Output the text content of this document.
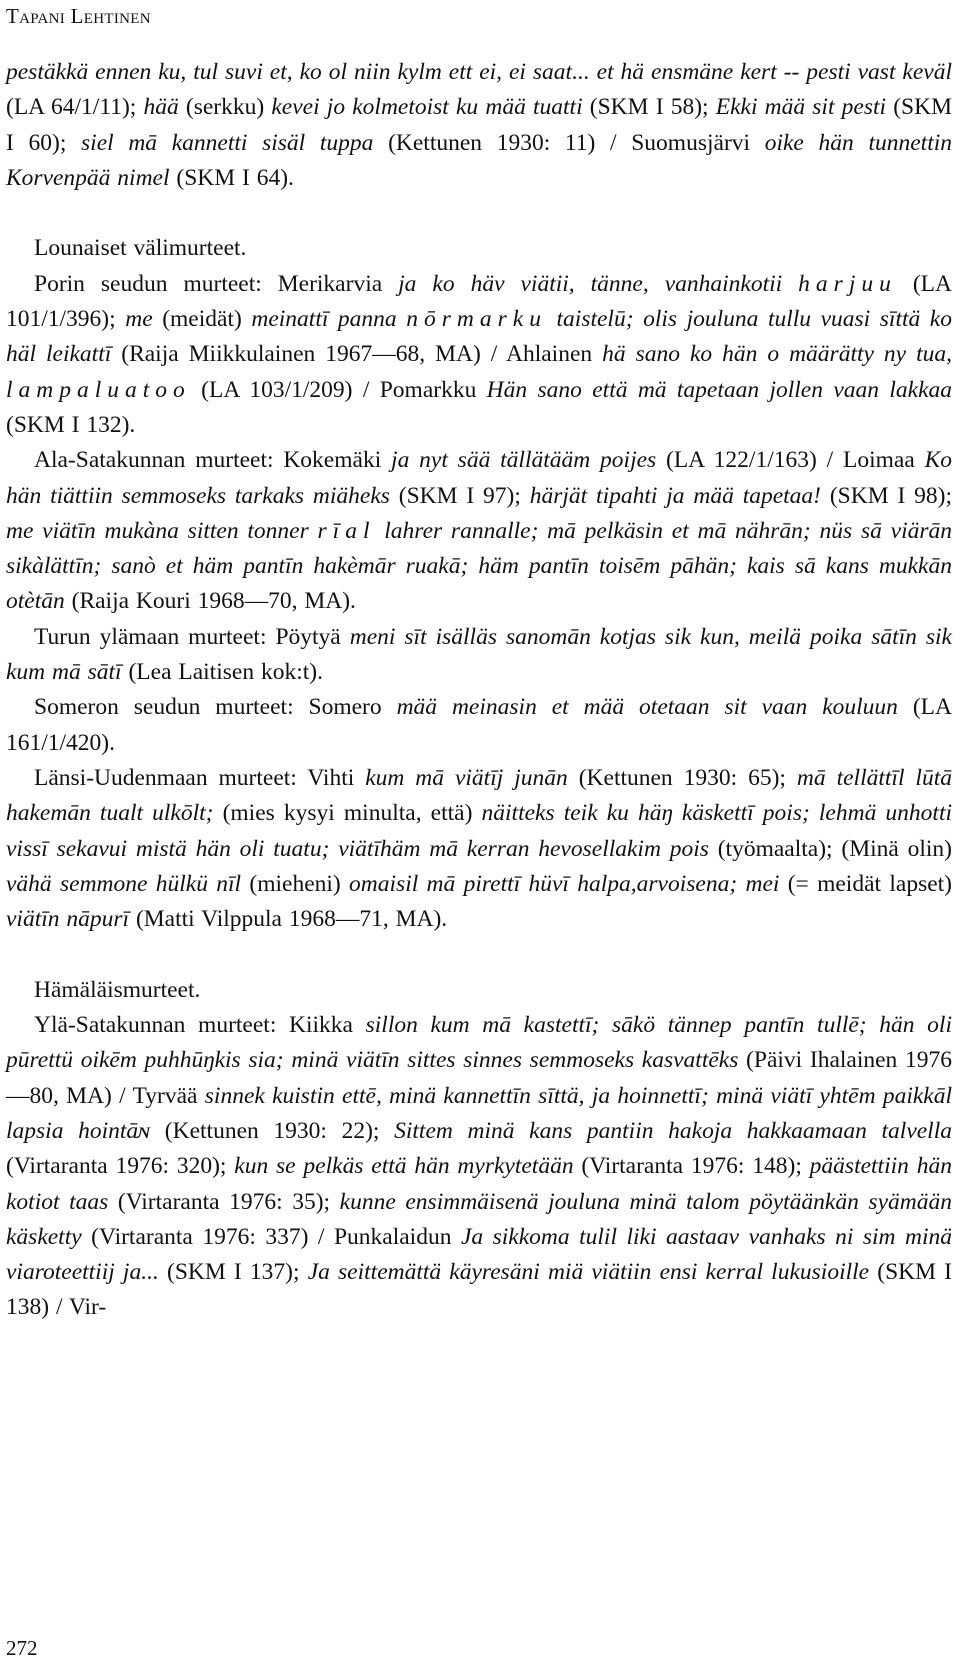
Tapani Lehtinen

pestäkkä ennen ku, tul suvi et, ko ol niin kylm ett ei, ei saat... et hä ensmäne kert -- pesti vast keväl (LA 64/1/11); hää (serkku) kevei jo kolmetoist ku mää tuatti (SKM I 58); Ekki mää sit pesti (SKM I 60); siel mā kannetti sisäl tuppa (Kettunen 1930: 11) / Suomusjärvi oike hän tunnettin Korvenpää nimel (SKM I 64).

Lounaiset välimurteet.

Porin seudun murteet: Merikarvia ja ko häv viätii, tänne, vanhainkotii harjuu (LA 101/1/396); me (meidät) meinattī panna nōrmarku taistelū; olis jouluna tullu vuasi sīttä ko häl leikattī (Raija Miikkulainen 1967—68, MA) / Ahlainen hä sano ko hän o määrätty ny tua, lampaluatoo (LA 103/1/209) / Pomarkku Hän sano että mä tapetaan jollen vaan lakkaa (SKM I 132).

Ala-Satakunnan murteet: Kokemäki ja nyt sää tällätääm poijes (LA 122/1/163) / Loimaa Ko hän tiättiin semmoseks tarkaks miäheks (SKM I 97); härjät tipahti ja mää tapetaa! (SKM I 98); me viätīn mukàna sitten tonner rīal lahrer rannalle; mā pelkäsin et mā nährān; nüs sā viärān sikàlättīn; sanò et häm pantīn hakèmār ruakā; häm pantīn toisēm pāhän; kais sā kans mukkān otètān (Raija Kouri 1968—70, MA).

Turun ylämaan murteet: Pöytyä meni sīt isälläs sanomān kotjas sik kun, meilä poika sātīn sik kum mā sātī (Lea Laitisen kok:t).

Someron seudun murteet: Somero mää meinasin et mää otetaan sit vaan kouluun (LA 161/1/420).

Länsi-Uudenmaan murteet: Vihti kum mā viätīj junān (Kettunen 1930: 65); mā tellättīl lūtā hakemān tualt ulkōlt; (mies kysyi minulta, että) näitteks teik ku häŋ käskettī pois; lehmä unhotti vissī sekavui mistä hän oli tuatu; viätīhäm mā kerran hevosellakim pois (työmaalta); (Minä olin) vähä semmone hülkü nīl (mieheni) omaisil mā pirettī hüvī halpa,arvoisena; mei (= meidät lapset) viätīn nāpurī (Matti Vilppula 1968—71, MA).

Hämäläismurteet.

Ylä-Satakunnan murteet: Kiikka sillon kum mā kastettī; sākö tännep pantīn tullē; hän oli pūrettü oikēm puhhūŋkis sia; minä viätīn sittes sinnes semmoseks kasvattēks (Päivi Ihalainen 1976—80, MA) / Tyrvää sinnek kuistin ettē, minä kannettīn sīttä, ja hoinnettī; minä viätī yhtēm paikkāl lapsia hointāɴ (Kettunen 1930: 22); Sittem minä kans pantiin hakoja hakkaamaan talvella (Virtaranta 1976: 320); kun se pelkäs että hän myrkytetään (Virtaranta 1976: 148); päästettiin hän kotiot taas (Virtaranta 1976: 35); kunne ensimmäisenä jouluna minä talom pöytäänkän syämään käsketty (Virtaranta 1976: 337) / Punkalaidun Ja sikkoma tulil liki aastaav vanhaks ni sim minä viaroteettiij ja... (SKM I 137); Ja seittemättä käyresäni miä viätiin ensi kerral lukusioille (SKM I 138) / Vir-

272
